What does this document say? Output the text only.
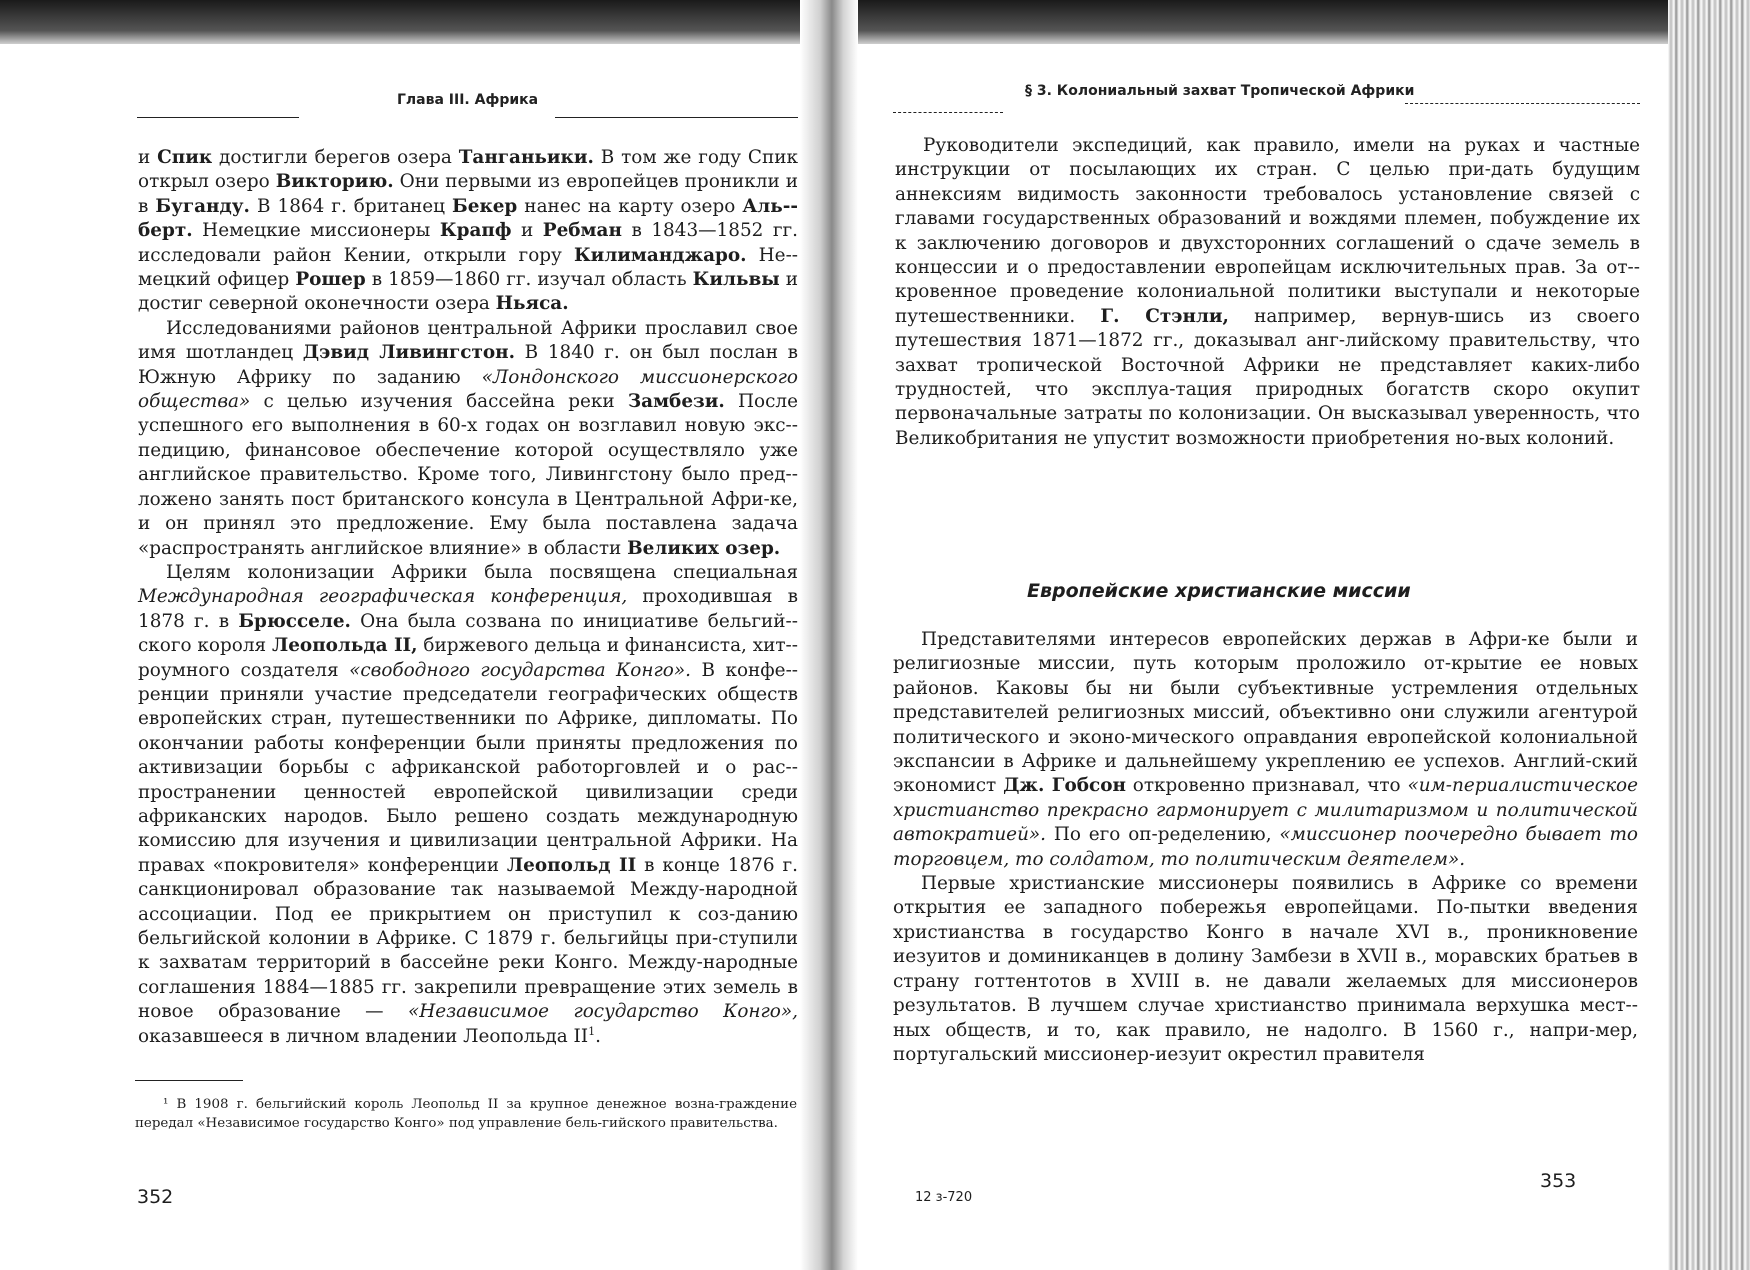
Глава III. Африка

и Спик достигли берегов озера Танганьики. В том же году Спик открыл озеро Викторию. Они первыми из европейцев проникли и в Буганду. В 1864 г. британец Бекер нанес на карту озеро Аль-берт. Немецкие миссионеры Крапф и Ребман в 1843—1852 гг. исследовали район Кении, открыли гору Килиманджаро. Не-мецкий офицер Рошер в 1859—1860 гг. изучал область Кильвы и достиг северной оконечности озера Ньяса.

Исследованиями районов центральной Африки прославил свое имя шотландец Дэвид Ливингстон. В 1840 г. он был послан в Южную Африку по заданию «Лондонского миссионерского общества» с целью изучения бассейна реки Замбези. После успешного его выполнения в 60-х годах он возглавил новую экс-педицию, финансовое обеспечение которой осуществляло уже английское правительство. Кроме того, Ливингстону было пред-ложено занять пост британского консула в Центральной Афри-ке, и он принял это предложение. Ему была поставлена задача «распространять английское влияние» в области Великих озер.

Целям колонизации Африки была посвящена специальная Международная географическая конференция, проходившая в 1878 г. в Брюсселе. Она была созвана по инициативе бельгий-ского короля Леопольда II, биржевого дельца и финансиста, хит-роумного создателя «свободного государства Конго». В конфе-ренции приняли участие председатели географических обществ европейских стран, путешественники по Африке, дипломаты. По окончании работы конференции были приняты предложения по активизации борьбы с африканской работорговлей и о рас-пространении ценностей европейской цивилизации среди африканских народов. Было решено создать международную комиссию для изучения и цивилизации центральной Африки. На правах «покровителя» конференции Леопольд II в конце 1876 г. санкционировал образование так называемой Между-народной ассоциации. Под ее прикрытием он приступил к соз-данию бельгийской колонии в Африке. С 1879 г. бельгийцы при-ступили к захватам территорий в бассейне реки Конго. Между-народные соглашения 1884—1885 гг. закрепили превращение этих земель в новое образование — «Независимое государство Конго», оказавшееся в личном владении Леопольда $II^1$.

¹ В 1908 г. бельгийский король Леопольд II за крупное денежное возна-граждение передал «Независимое государство Конго» под управление бель-гийского правительства.

352
§ 3. Колониальный захват Тропической Африки

Руководители экспедиций, как правило, имели на руках и частные инструкции от посылающих их стран. С целью при-дать будущим аннексиям видимость законности требовалось установление связей с главами государственных образований и вождями племен, побуждение их к заключению договоров и двухсторонних соглашений о сдаче земель в концессии и о предоставлении европейцам исключительных прав. За от-кровенное проведение колониальной политики выступали и некоторые путешественники. Г. Стэнли, например, вернув-шись из своего путешествия 1871—1872 гг., доказывал анг-лийскому правительству, что захват тропической Восточной Африки не представляет каких-либо трудностей, что эксплуа-тация природных богатств скоро окупит первоначальные затраты по колонизации. Он высказывал уверенность, что Великобритания не упустит возможности приобретения но-вых колоний.

Европейские христианские миссии

Представителями интересов европейских держав в Афри-ке были и религиозные миссии, путь которым проложило от-крытие ее новых районов. Каковы бы ни были субъективные устремления отдельных представителей религиозных миссий, объективно они служили агентурой политического и эконо-мического оправдания европейской колониальной экспансии в Африке и дальнейшему укреплению ее успехов. Англий-ский экономист Дж. Гобсон откровенно признавал, что «им-периалистическое христианство прекрасно гармонирует с милитаризмом и политической автократией». По его оп-ределению, «миссионер поочередно бывает то торговцем, то солдатом, то политическим деятелем».

Первые христианские миссионеры появились в Африке со времени открытия ее западного побережья европейцами. По-пытки введения христианства в государство Конго в начале XVI в., проникновение иезуитов и доминиканцев в долину Замбези в XVII в., моравских братьев в страну готтентотов в XVIII в. не давали желаемых для миссионеров результатов. В лучшем случае христианство принимала верхушка мест-ных обществ, и то, как правило, не надолго. В 1560 г., напри-мер, португальский миссионер-иезуит окрестил правителя

12 з-720
353
